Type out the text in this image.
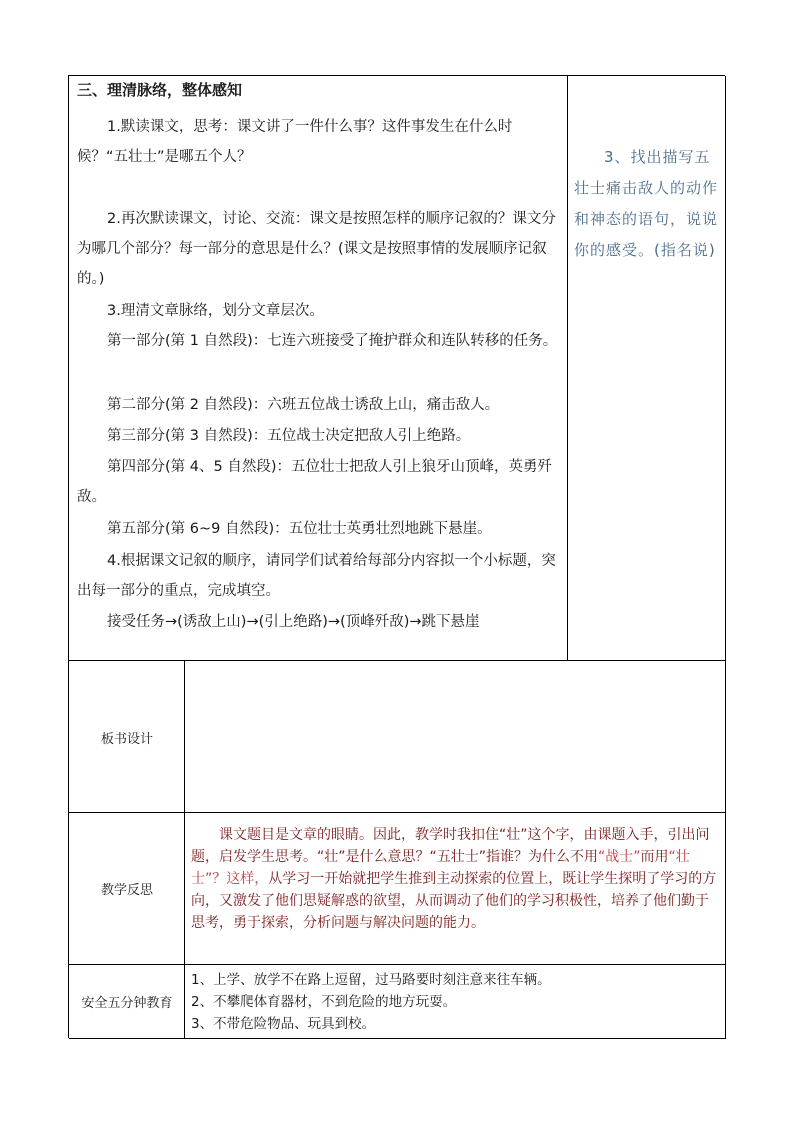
三、理清脉络，整体感知

1.默读课文，思考：课文讲了一件什么事？这件事发生在什么时候？“五壮士”是哪五个人？

2.再次默读课文，讨论、交流：课文是按照怎样的顺序记叙的？课文分为哪几个部分？每一部分的意思是什么？(课文是按照事情的发展顺序记叙的。)

3.理清文章脉络，划分文章层次。

第一部分(第 1 自然段)：七连六班接受了掩护群众和连队转移的任务。

第二部分(第 2 自然段)：六班五位战士诱敌上山，痛击敌人。

第三部分(第 3 自然段)：五位战士决定把敌人引上绝路。

第四部分(第 4、5 自然段)：五位壮士把敌人引上狼牙山顶峰，英勇歼敌。

第五部分(第 6~9 自然段)：五位壮士英勇壮烈地跳下悬崖。

4.根据课文记叙的顺序，请同学们试着给每部分内容拟一个小标题，突出每一部分的重点，完成填空。

接受任务→(诱敌上山)→(引上绝路)→(顶峰歼敌)→跳下悬崖

3、找出描写五壮士痛击敌人的动作和神态的语句，说说你的感受。(指名说)

板书设计
教学反思

课文题目是文章的眼睛。因此，教学时我扣住“壮”这个字，由课题入手，引出问题，启发学生思考。“壮”是什么意思？“五壮士”指谁？为什么不用“战士”而用“壮士”？这样，从学习一开始就把学生推到主动探索的位置上，既让学生探明了学习的方向，又激发了他们思疑解惑的欲望，从而调动了他们的学习积极性，培养了他们勤于思考，勇于探索，分析问题与解决问题的能力。

安全五分钟教育
1、上学、放学不在路上逗留，过马路要时刻注意来往车辆。
2、不攀爬体育器材，不到危险的地方玩耍。
3、不带危险物品、玩具到校。
